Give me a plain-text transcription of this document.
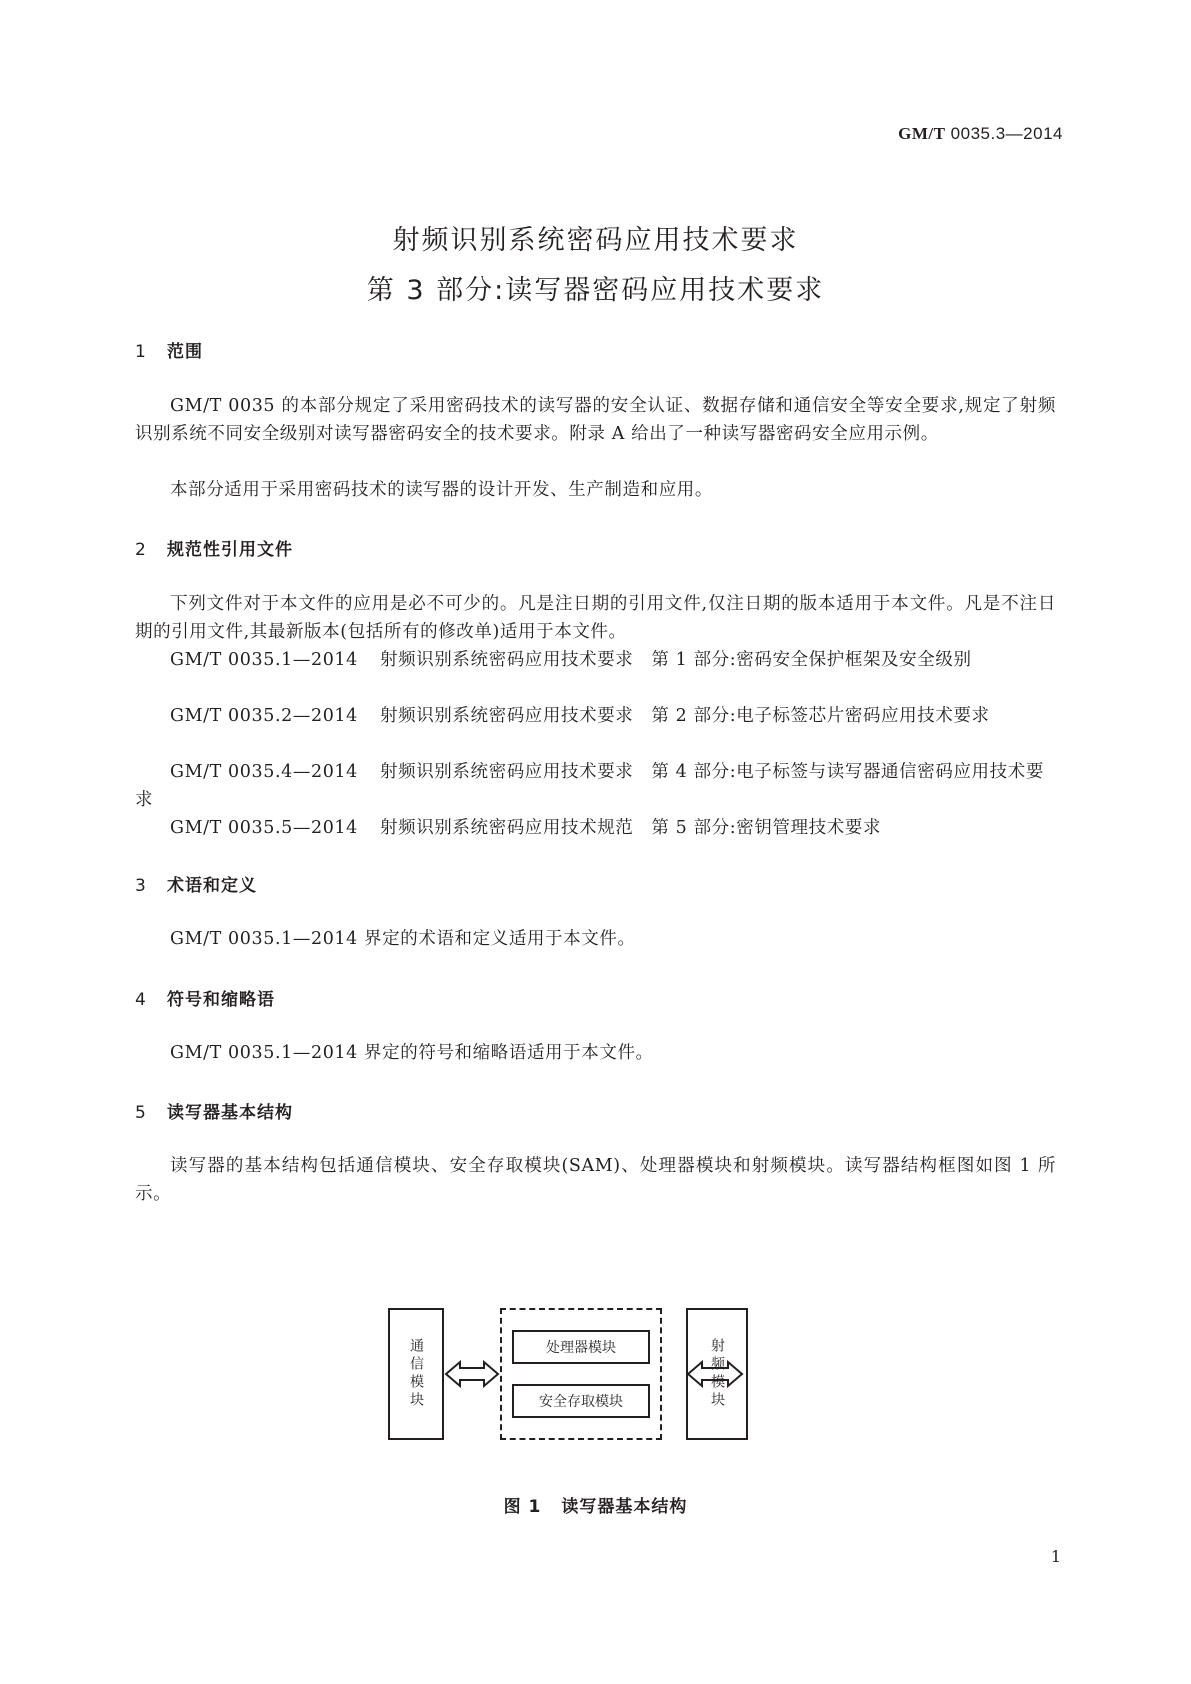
GM/T 0035.3—2014
射频识别系统密码应用技术要求
第 3 部分:读写器密码应用技术要求
1 范围
GM/T 0035 的本部分规定了采用密码技术的读写器的安全认证、数据存储和通信安全等安全要求,规定了射频识别系统不同安全级别对读写器密码安全的技术要求。附录 A 给出了一种读写器密码安全应用示例。
本部分适用于采用密码技术的读写器的设计开发、生产制造和应用。
2 规范性引用文件
下列文件对于本文件的应用是必不可少的。凡是注日期的引用文件,仅注日期的版本适用于本文件。凡是不注日期的引用文件,其最新版本(包括所有的修改单)适用于本文件。
GM/T 0035.1—2014 射频识别系统密码应用技术要求 第 1 部分:密码安全保护框架及安全级别
GM/T 0035.2—2014 射频识别系统密码应用技术要求 第 2 部分:电子标签芯片密码应用技术要求
GM/T 0035.4—2014 射频识别系统密码应用技术要求 第 4 部分:电子标签与读写器通信密码应用技术要求
GM/T 0035.5—2014 射频识别系统密码应用技术规范 第 5 部分:密钥管理技术要求
3 术语和定义
GM/T 0035.1—2014 界定的术语和定义适用于本文件。
4 符号和缩略语
GM/T 0035.1—2014 界定的符号和缩略语适用于本文件。
5 读写器基本结构
读写器的基本结构包括通信模块、安全存取模块(SAM)、处理器模块和射频模块。读写器结构框图如图 1 所示。
通信模块	处理器模块
安全存取模块	射频模块
图 1 读写器基本结构
1
